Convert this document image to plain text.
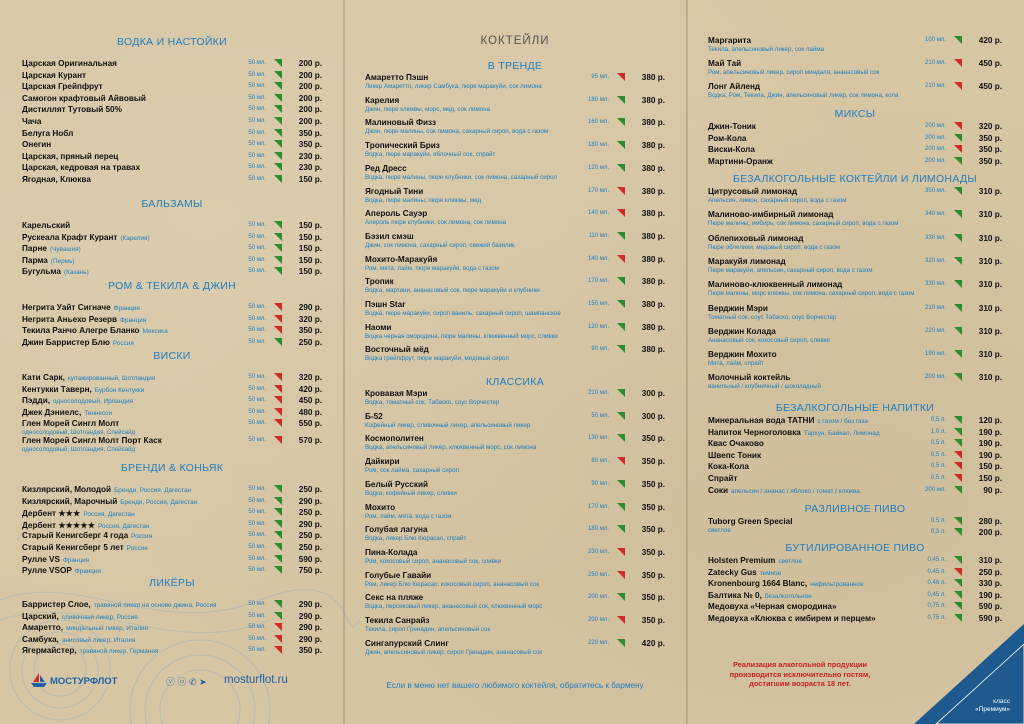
ВОДКА И НАСТОЙКИ
Царская Оригинальная	50 мл.	200 р.
Царская Курант	50 мл.	200 р.
Царская Грейпфрут	50 мл.	200 р.
Самогон крафтовый Айвовый	50 мл.	200 р.
Дистиллят Тутовый 50%	50 мл.	200 р.
Чача	50 мл.	200 р.
Белуга Нобл	50 мл.	350 р.
Онегин	50 мл.	350 р.
Царская, пряный перец	50 мл.	230 р.
Царская, кедровая на травах	50 мл.	230 р.
Ягодная, Клюква	50 мл.	150 р.
БАЛЬЗАМЫ
Карельский	50 мл.	150 р.
Рускеала Крафт Курант (Карелия)	50 мл.	150 р.
Парне (Чувашия)	50 мл.	150 р.
Парма (Пермь)	50 мл.	150 р.
Бугульма (Казань)	50 мл.	150 р.
РОМ & ТЕКИЛА & ДЖИН
Негрита Уайт Сигначе Франция	50 мл.	290 р.
Негрита Аньехо Резерв Франция	50 мл.	320 р.
Текила Ранчо Алегре Бланко Мексика	50 мл.	350 р.
Джин Барристер Блю Россия	50 мл.	250 р.
ВИСКИ
Кати Сарк, купажированный, Шотландия	50 мл.	320 р.
Кентукки Таверн, Бурбон Кентукки	50 мл.	420 р.
Пэдди, односолодовый, Ирландия	50 мл.	450 р.
Джек Дэниелс, Теннесси	50 мл.	480 р.
Глен Морей Сингл Молт
односолодовый, Шотландия, Спейсайд
50 мл.	550 р.
Глен Морей Сингл Молт Порт Каск
односолодовый, Шотландия, Спейсайд
50 мл.	570 р.
БРЕНДИ & КОНЬЯК
Кизлярский, Молодой Бренди, Россия, Дагестан	50 мл.	250 р.
Кизлярский, Марочный Бренди, Россия, Дагестан	50 мл.	290 р.
Дербент ★★★ Россия, Дагестан	50 мл.	250 р.
Дербент ★★★★★ Россия, Дагестан	50 мл.	290 р.
Старый Кенигсберг 4 года Россия	50 мл.	250 р.
Старый Кенигсберг 5 лет Россия	50 мл.	250 р.
Рулле VS Франция	50 мл.	590 р.
Рулле VSOP Франция	50 мл.	750 р.
ЛИКЁРЫ
Барристер Слое, травяной ликер на основе джина, Россия	50 мл.	290 р.
Царский, сливочный ликер, Россия	50 мл.	290 р.
Амаретто, миндальный ликер, Италия	50 мл.	290 р.
Самбука, анисовый ликер, Италия	50 мл.	290 р.
Ягермайстер, травяной ликер, Германия	50 мл.	350 р.
КОКТЕЙЛИ
В ТРЕНДЕ
Амаретто Пэшн
Ликер Амаретто, ликер Самбука, пюре маракуйи, сок лимона
95 мл.	380 р.
Карелия
Джин, пюре клюквы, морс, мед, сок лимона
180 мл.	380 р.
Малиновый Физз
Джин, пюре малины, сок лимона, сахарный сироп, вода с газом
160 мл.	380 р.
Тропический Бриз
Водка, пюре маракуйи, яблочный сок, спрайт
180 мл.	380 р.
Ред Дресс
Водка, пюре малины, пюре клубники, сок лимона, сахарный сироп
120 мл.	380 р.
Ягодный Тини
Водка, пюре малины, пюре клюквы, мед
170 мл.	380 р.
Апероль Сауэр
Апероль пюре клубники, сок лимона, сок лимона
140 мл.	380 р.
Бэзил смэш
Джин, сок лимона, сахарный сироп, свежий базилик
110 мл.	380 р.
Мохито-Маракуйя
Ром, мята, лайм, пюре маракуйи, вода с газом
140 мл.	380 р.
Тропик
Водка, мартини, ананасовый сок, пюре маракуйи и клубники
170 мл.	380 р.
Пэшн Star
Водка, пюре маракуйи, сироп ваниль, сахарный сироп, шампанское
150 мл.	380 р.
Наоми
Водка черная смородина, пюре малины, клюквенный морс, сливки
120 мл.	380 р.
Восточный мёд
Водка грейпфрут, пюре маракуйи, медовый сироп
90 мл.	380 р.
КЛАССИКА
Кровавая Мэри
Водка, томатный сок, Табаско, соус Ворчестер
210 мл.	300 р.
Б-52
Кофейный ликер, сливочный ликер, апельсиновый ликер
50 мл.	300 р.
Космополитен
Водка, апельсиновый ликер, клюквенный морс, сок лимона
130 мл.	350 р.
Дайкири
Ром, сок лайма, сахарный сироп
80 мл.	350 р.
Белый Русский
Водка, кофейный ликер, сливки
90 мл.	350 р.
Мохито
Ром, лайм, мята, вода с газом
170 мл.	350 р.
Голубая лагуна
Водка, ликер Блю Кюрасао, спрайт
180 мл.	350 р.
Пина-Колада
Ром, кокосовый сироп, ананасовый сок, сливки
230 мл.	350 р.
Голубые Гавайи
Ром, ликер Блю Кюрасао, кокосовый сироп, ананасовый сок
250 мл.	350 р.
Секс на пляже
Водка, персиковый ликер, ананасовый сок, клюквенный морс
200 мл.	350 р.
Текила Санрайз
Текила, сироп Гренадин, апельсиновый сок
200 мл.	350 р.
Сингапурский Слинг
Джин, апельсиновый ликер, сироп Гренадин, ананасовый сок
220 мл.	420 р.
Маргарита
Текила, апельсиновый ликер, сок лайма
100 мл.	420 р.
Май Тай
Ром, апельсиновый ликер, сироп миндаля, ананасовый сок
210 мл.	450 р.
Лонг Айленд
Водка, Ром, Текила, Джин, апельсиновый ликер, сок лимона, кола
210 мл.	450 р.
МИКСЫ
Джин-Тоник	200 мл.	320 р.
Ром-Кола	200 мл.	350 р.
Виски-Кола	200 мл.	350 р.
Мартини-Оранж	200 мл.	350 р.
БЕЗАЛКОГОЛЬНЫЕ КОКТЕЙЛИ И ЛИМОНАДЫ
Цитрусовый лимонад
Апельсин, лимон, сахарный сироп, вода с газом
350 мл.	310 р.
Малиново-имбирный лимонад
Пюре малины, имбирь, сок лимона, сахарный сироп, вода с газом
340 мл.	310 р.
Облепиховый лимонад
Пюре облепихи, медовый сироп, вода с газом
330 мл.	310 р.
Маракуйя лимонад
Пюре маракуйи, апельсин, сахарный сироп, вода с газом
320 мл.	310 р.
Малиново-клюквенный лимонад
Пюре малины, морс клюквы, сок лимона, сахарный сироп, вода с газом
330 мл.	310 р.
Верджин Мэри
Томатный сок, соус Табаско, соус Ворчестер
210 мл.	310 р.
Верджин Колада
Ананасовый сок, кокосовый сироп, сливки
220 мл.	310 р.
Верджин Мохито
Мята, лайм, спрайт
190 мл.	310 р.
Молочный коктейль
ванильный / клубничный / шоколадный
200 мл.	310 р.
БЕЗАЛКОГОЛЬНЫЕ НАПИТКИ
Минеральная вода ТАТНИ с газом / без газа	0,5 л.	120 р.
Напиток Черноголовка Тархун, Байкал, Лимонад	1,0 л.	190 р.
Квас Очаково	0,5 л.	190 р.
Швепс Тоник	0,5 л.	190 р.
Кока-Кола	0,5 л.	150 р.
Спрайт	0,5 л.	150 р.
Соки апельсин / ананас / яблоко / томат / клюква	200 мл.	90 р.
РАЗЛИВНОЕ ПИВО
Tuborg Green Special
светлое
0,5 л.	280 р.
0,3 л.	200 р.
БУТИЛИРОВАННОЕ ПИВО
Holsten Premium светлое	0,45 л.	310 р.
Zatecky Gus темное	0,45 л.	250 р.
Kronenbourg 1664 Blanc, нефильтрованное	0,46 л.	330 р.
Балтика № 0, безалкогольное	0,45 л.	190 р.
Медовуха «Черная смородина»	0,75 л.	590 р.
Медовуха «Клюква с имбирем и перцем»	0,75 л.	590 р.
МОСТУРФЛОТ	ⓥ ⓞ ✆ ➤ mosturflot.ru	Если в меню нет вашего любимого коктейля, обратитесь к бармену
Реализация алкогольной продукции
производится исключительно гостям,
достигшим возраста 18 лет.
класс
«Премиум»
